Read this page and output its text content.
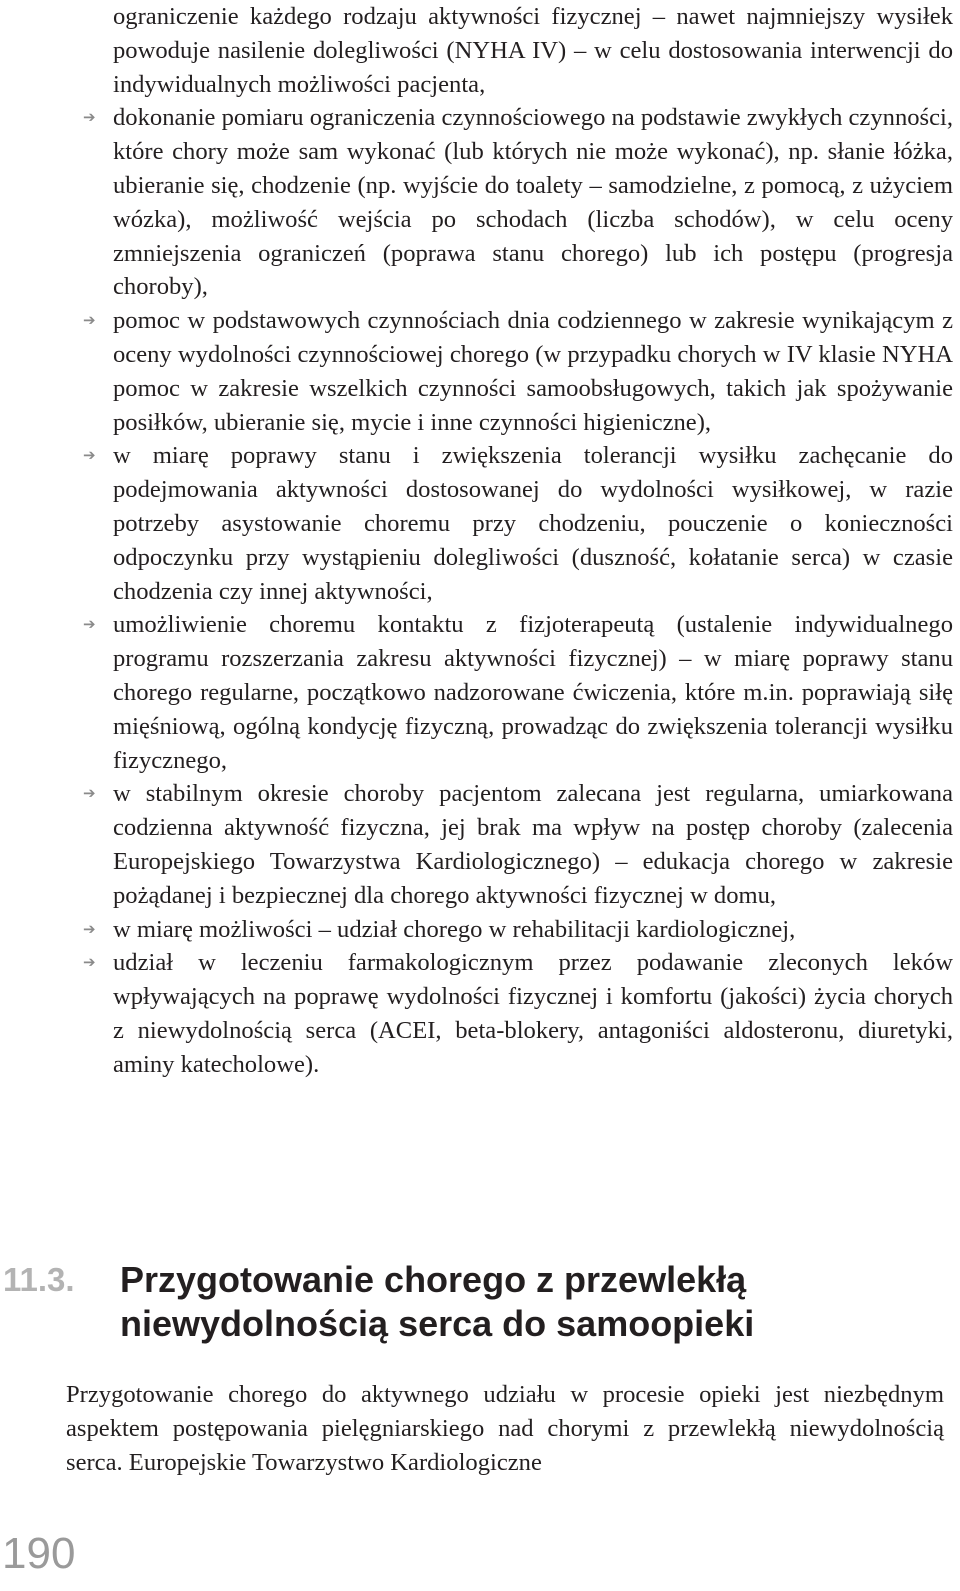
ograniczenie każdego rodzaju aktywności fizycznej – nawet najmniejszy wysiłek powoduje nasilenie dolegliwości (NYHA IV) – w celu dostosowania interwencji do indywidualnych możliwości pacjenta,
➔ dokonanie pomiaru ograniczenia czynnościowego na podstawie zwykłych czynności, które chory może sam wykonać (lub których nie może wykonać), np. słanie łóżka, ubieranie się, chodzenie (np. wyjście do toalety – samodzielne, z pomocą, z użyciem wózka), możliwość wejścia po schodach (liczba schodów), w celu oceny zmniejszenia ograniczeń (poprawa stanu chorego) lub ich postępu (progresja choroby),
➔ pomoc w podstawowych czynnościach dnia codziennego w zakresie wynikającym z oceny wydolności czynnościowej chorego (w przypadku chorych w IV klasie NYHA pomoc w zakresie wszelkich czynności samoobsługowych, takich jak spożywanie posiłków, ubieranie się, mycie i inne czynności higieniczne),
➔ w miarę poprawy stanu i zwiększenia tolerancji wysiłku zachęcanie do podejmowania aktywności dostosowanej do wydolności wysiłkowej, w razie potrzeby asystowanie choremu przy chodzeniu, pouczenie o konieczności odpoczynku przy wystąpieniu dolegliwości (duszność, kołatanie serca) w czasie chodzenia czy innej aktywności,
➔ umożliwienie choremu kontaktu z fizjoterapeutą (ustalenie indywidualnego programu rozszerzania zakresu aktywności fizycznej) – w miarę poprawy stanu chorego regularne, początkowo nadzorowane ćwiczenia, które m.in. poprawiają siłę mięśniową, ogólną kondycję fizyczną, prowadząc do zwiększenia tolerancji wysiłku fizycznego,
➔ w stabilnym okresie choroby pacjentom zalecana jest regularna, umiarkowana codzienna aktywność fizyczna, jej brak ma wpływ na postęp choroby (zalecenia Europejskiego Towarzystwa Kardiologicznego) – edukacja chorego w zakresie pożądanej i bezpiecznej dla chorego aktywności fizycznej w domu,
➔ w miarę możliwości – udział chorego w rehabilitacji kardiologicznej,
➔ udział w leczeniu farmakologicznym przez podawanie zleconych leków wpływających na poprawę wydolności fizycznej i komfortu (jakości) życia chorych z niewydolnością serca (ACEI, beta-blokery, antagoniści aldosteronu, diuretyki, aminy katecholowe).
11.3. Przygotowanie chorego z przewlekłą
niewydolnością serca do samoopieki

Przygotowanie chorego do aktywnego udziału w procesie opieki jest niezbędnym aspektem postępowania pielęgniarskiego nad chorymi z przewlekłą niewydolnością serca. Europejskie Towarzystwo Kardiologiczne

190
